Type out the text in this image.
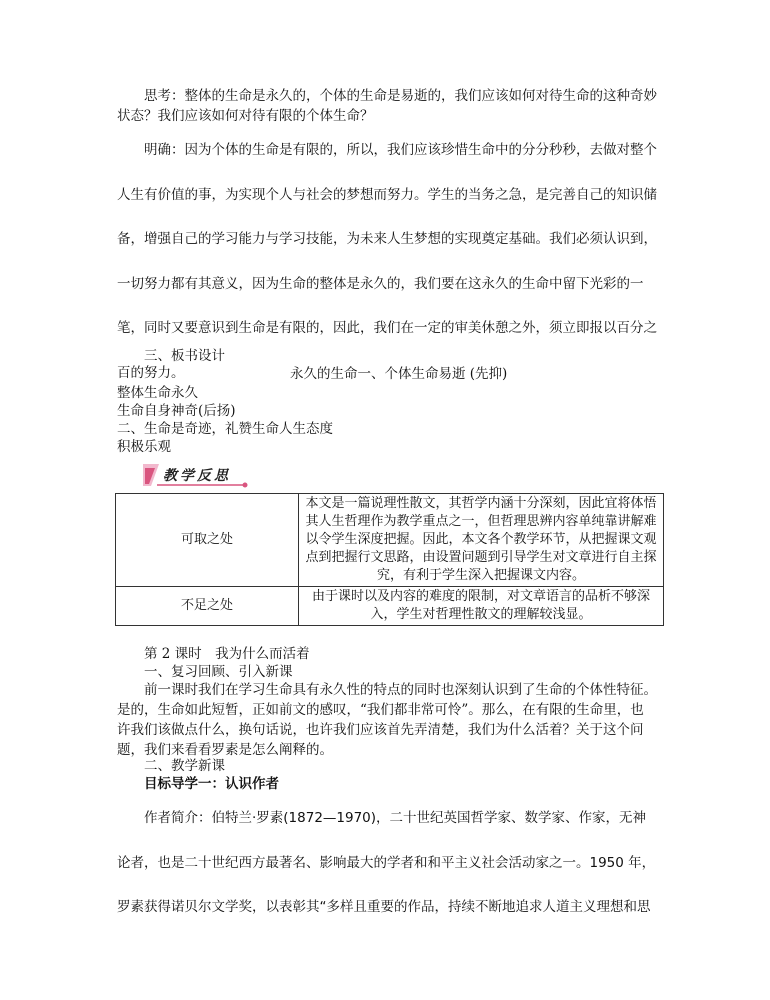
思考：整体的生命是永久的，个体的生命是易逝的，我们应该如何对待生命的这种奇妙状态？我们应该如何对待有限的个体生命？
明确：因为个体的生命是有限的，所以，我们应该珍惜生命中的分分秒秒，去做对整个人生有价值的事，为实现个人与社会的梦想而努力。学生的当务之急，是完善自己的知识储备，增强自己的学习能力与学习技能，为未来人生梦想的实现奠定基础。我们必须认识到，一切努力都有其意义，因为生命的整体是永久的，我们要在这永久的生命中留下光彩的一笔，同时又要意识到生命是有限的，因此，我们在一定的审美休憩之外，须立即报以百分之百的努力。
三、板书设计
永久的生命一、个体生命易逝 (先抑)
整体生命永久
生命自身神奇(后扬)
二、生命是奇迹，礼赞生命人生态度
积极乐观
教学反思
可取之处	本文是一篇说理性散文，其哲学内涵十分深刻，因此宜将体悟其人生哲理作为教学重点之一，但哲理思辨内容单纯靠讲解难以令学生深度把握。因此，本文各个教学环节，从把握课文观点到把握行文思路，由设置问题到引导学生对文章进行自主探究，有利于学生深入把握课文内容。
不足之处	由于课时以及内容的难度的限制，对文章语言的品析不够深入，学生对哲理性散文的理解较浅显。
第 2 课时　我为什么而活着
一、复习回顾、引入新课
前一课时我们在学习生命具有永久性的特点的同时也深刻认识到了生命的个体性特征。是的，生命如此短暂，正如前文的感叹，“我们都非常可怜”。那么，在有限的生命里，也许我们该做点什么，换句话说，也许我们应该首先弄清楚，我们为什么活着？关于这个问题，我们来看看罗素是怎么阐释的。
二、教学新课
目标导学一：认识作者
作者简介：伯特兰·罗素(1872—1970)，二十世纪英国哲学家、数学家、作家，无神论者，也是二十世纪西方最著名、影响最大的学者和和平主义社会活动家之一。1950 年，罗素获得诺贝尔文学奖，以表彰其“多样且重要的作品，持续不断地追求人道主义理想和思
